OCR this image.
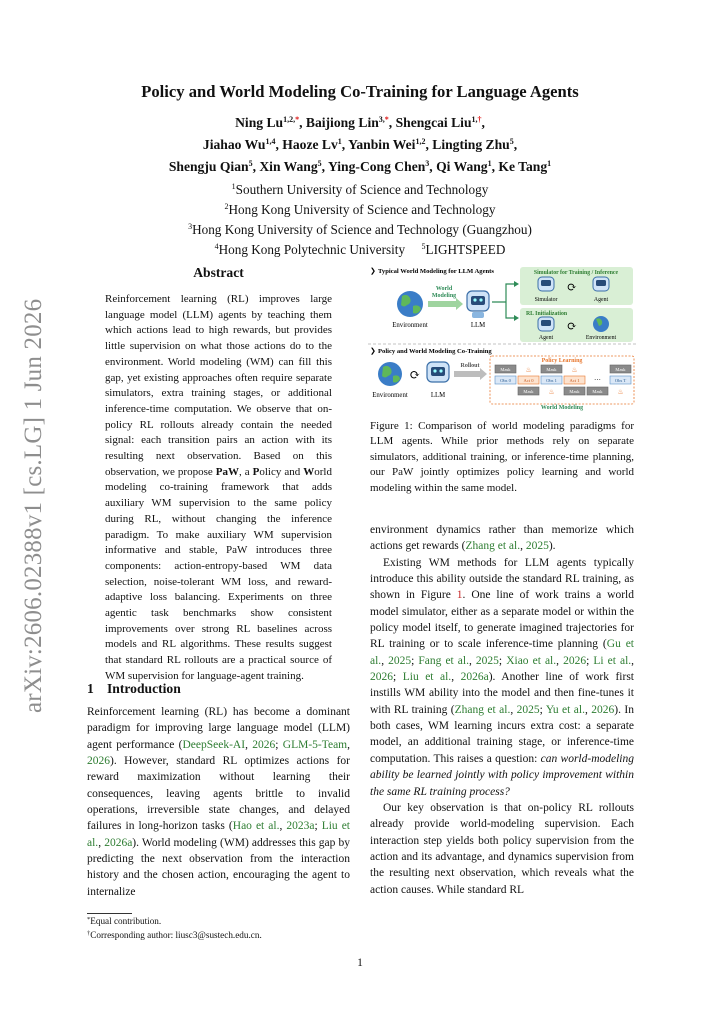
arXiv:2606.02388v1 [cs.LG] 1 Jun 2026
Policy and World Modeling Co-Training for Language Agents
Ning $Lu^{1,2,*}$, Baijiong Lin$^{3,*}$, Shengcai Liu$^{1,\dagger}$,
Jiahao Wu$^{1,4}$, Haoze Lv$^1$, Yanbin Wei$^{1,2}$, Lingting Zhu$^5$,
Shengju Qian$^5$, Xin Wang$^5$, Ying-Cong Chen$^3$, Qi Wang$^1$, Ke Tang$^1$
$^1$Southern University of Science and Technology
$^2$Hong Kong University of Science and Technology
$^3$Hong Kong University of Science and Technology (Guangzhou)
$^4$Hong Kong Polytechnic University $^5$LIGHTSPEED
Abstract
Reinforcement learning (RL) improves large language model (LLM) agents by teaching them which actions lead to high rewards, but provides little supervision on what those actions do to the environment. World modeling (WM) can fill this gap, yet existing approaches often require separate simulators, extra training stages, or additional inference-time computation. We observe that on-policy RL rollouts already contain the needed signal: each transition pairs an action with its resulting next observation. Based on this observation, we propose PaW, a Policy and World modeling co-training framework that adds auxiliary WM supervision to the same policy during RL, without changing the inference paradigm. To make auxiliary WM supervision informative and stable, PaW introduces three components: action-entropy-based WM data selection, noise-tolerant WM loss, and reward-adaptive loss balancing. Experiments on three agentic task benchmarks show consistent improvements over strong RL baselines across models and RL algorithms. These results suggest that standard RL rollouts are a practical source of WM supervision for language-agent training.
1 Introduction

Reinforcement learning (RL) has become a dominant paradigm for improving large language model (LLM) agent performance (DeepSeek-AI, 2026; GLM-5-Team, 2026). However, standard RL optimizes actions for reward maximization without learning their consequences, leaving agents brittle to invalid operations, irreversible state changes, and delayed failures in long-horizon tasks (Hao et al., 2023a; Liu et al., 2026a). World modeling (WM) addresses this gap by predicting the next observation from the interaction history and the chosen action, encouraging the agent to internalize

environment dynamics rather than memorize which actions get rewards (Zhang et al., 2025).

Existing WM methods for LLM agents typically introduce this ability outside the standard RL training, as shown in Figure 1. One line of work trains a world model simulator, either as a separate model or within the policy model itself, to generate imagined trajectories for RL training or to scale inference-time planning (Gu et al., 2025; Fang et al., 2025; Xiao et al., 2026; Li et al., 2026; Liu et al., 2026a). Another line of work first instills WM ability into the model and then fine-tunes it with RL training (Zhang et al., 2025; Yu et al., 2026). In both cases, WM learning incurs extra cost: a separate model, an additional training stage, or inference-time computation. This raises a question: can world-modeling ability be learned jointly with policy improvement within the same RL training process?

Our key observation is that on-policy RL rollouts already provide world-modeling supervision. Each interaction step yields both policy supervision from the action and its advantage, and dynamics supervision from the resulting next observation, which reveals what the action causes. While standard RL

*Equal contribution.
†Corresponding author: liusc3@sustech.edu.cn.
1
❯ Typical World Modeling for LLM Agents
Environment
World
Modeling
LLM
Simulator for Training / Inference
Simulator
⟳
Agent
RL Initialization
Agent
⟳
Environment
❯ Policy and World Modeling Co-Training
Environment
⟳
LLM
Rollout
Policy Learning
Mask	Mask	Mask
♨	♨
Obs 0	Act 0	Obs 1	Act 1 ···	Obs T
Mask	Mask	Mask
♨	♨
World Modeling
Figure 1: Comparison of world modeling paradigms for LLM agents. While prior methods rely on separate simulators, additional training, or inference-time planning, our PaW jointly optimizes policy learning and world modeling within the same model.
